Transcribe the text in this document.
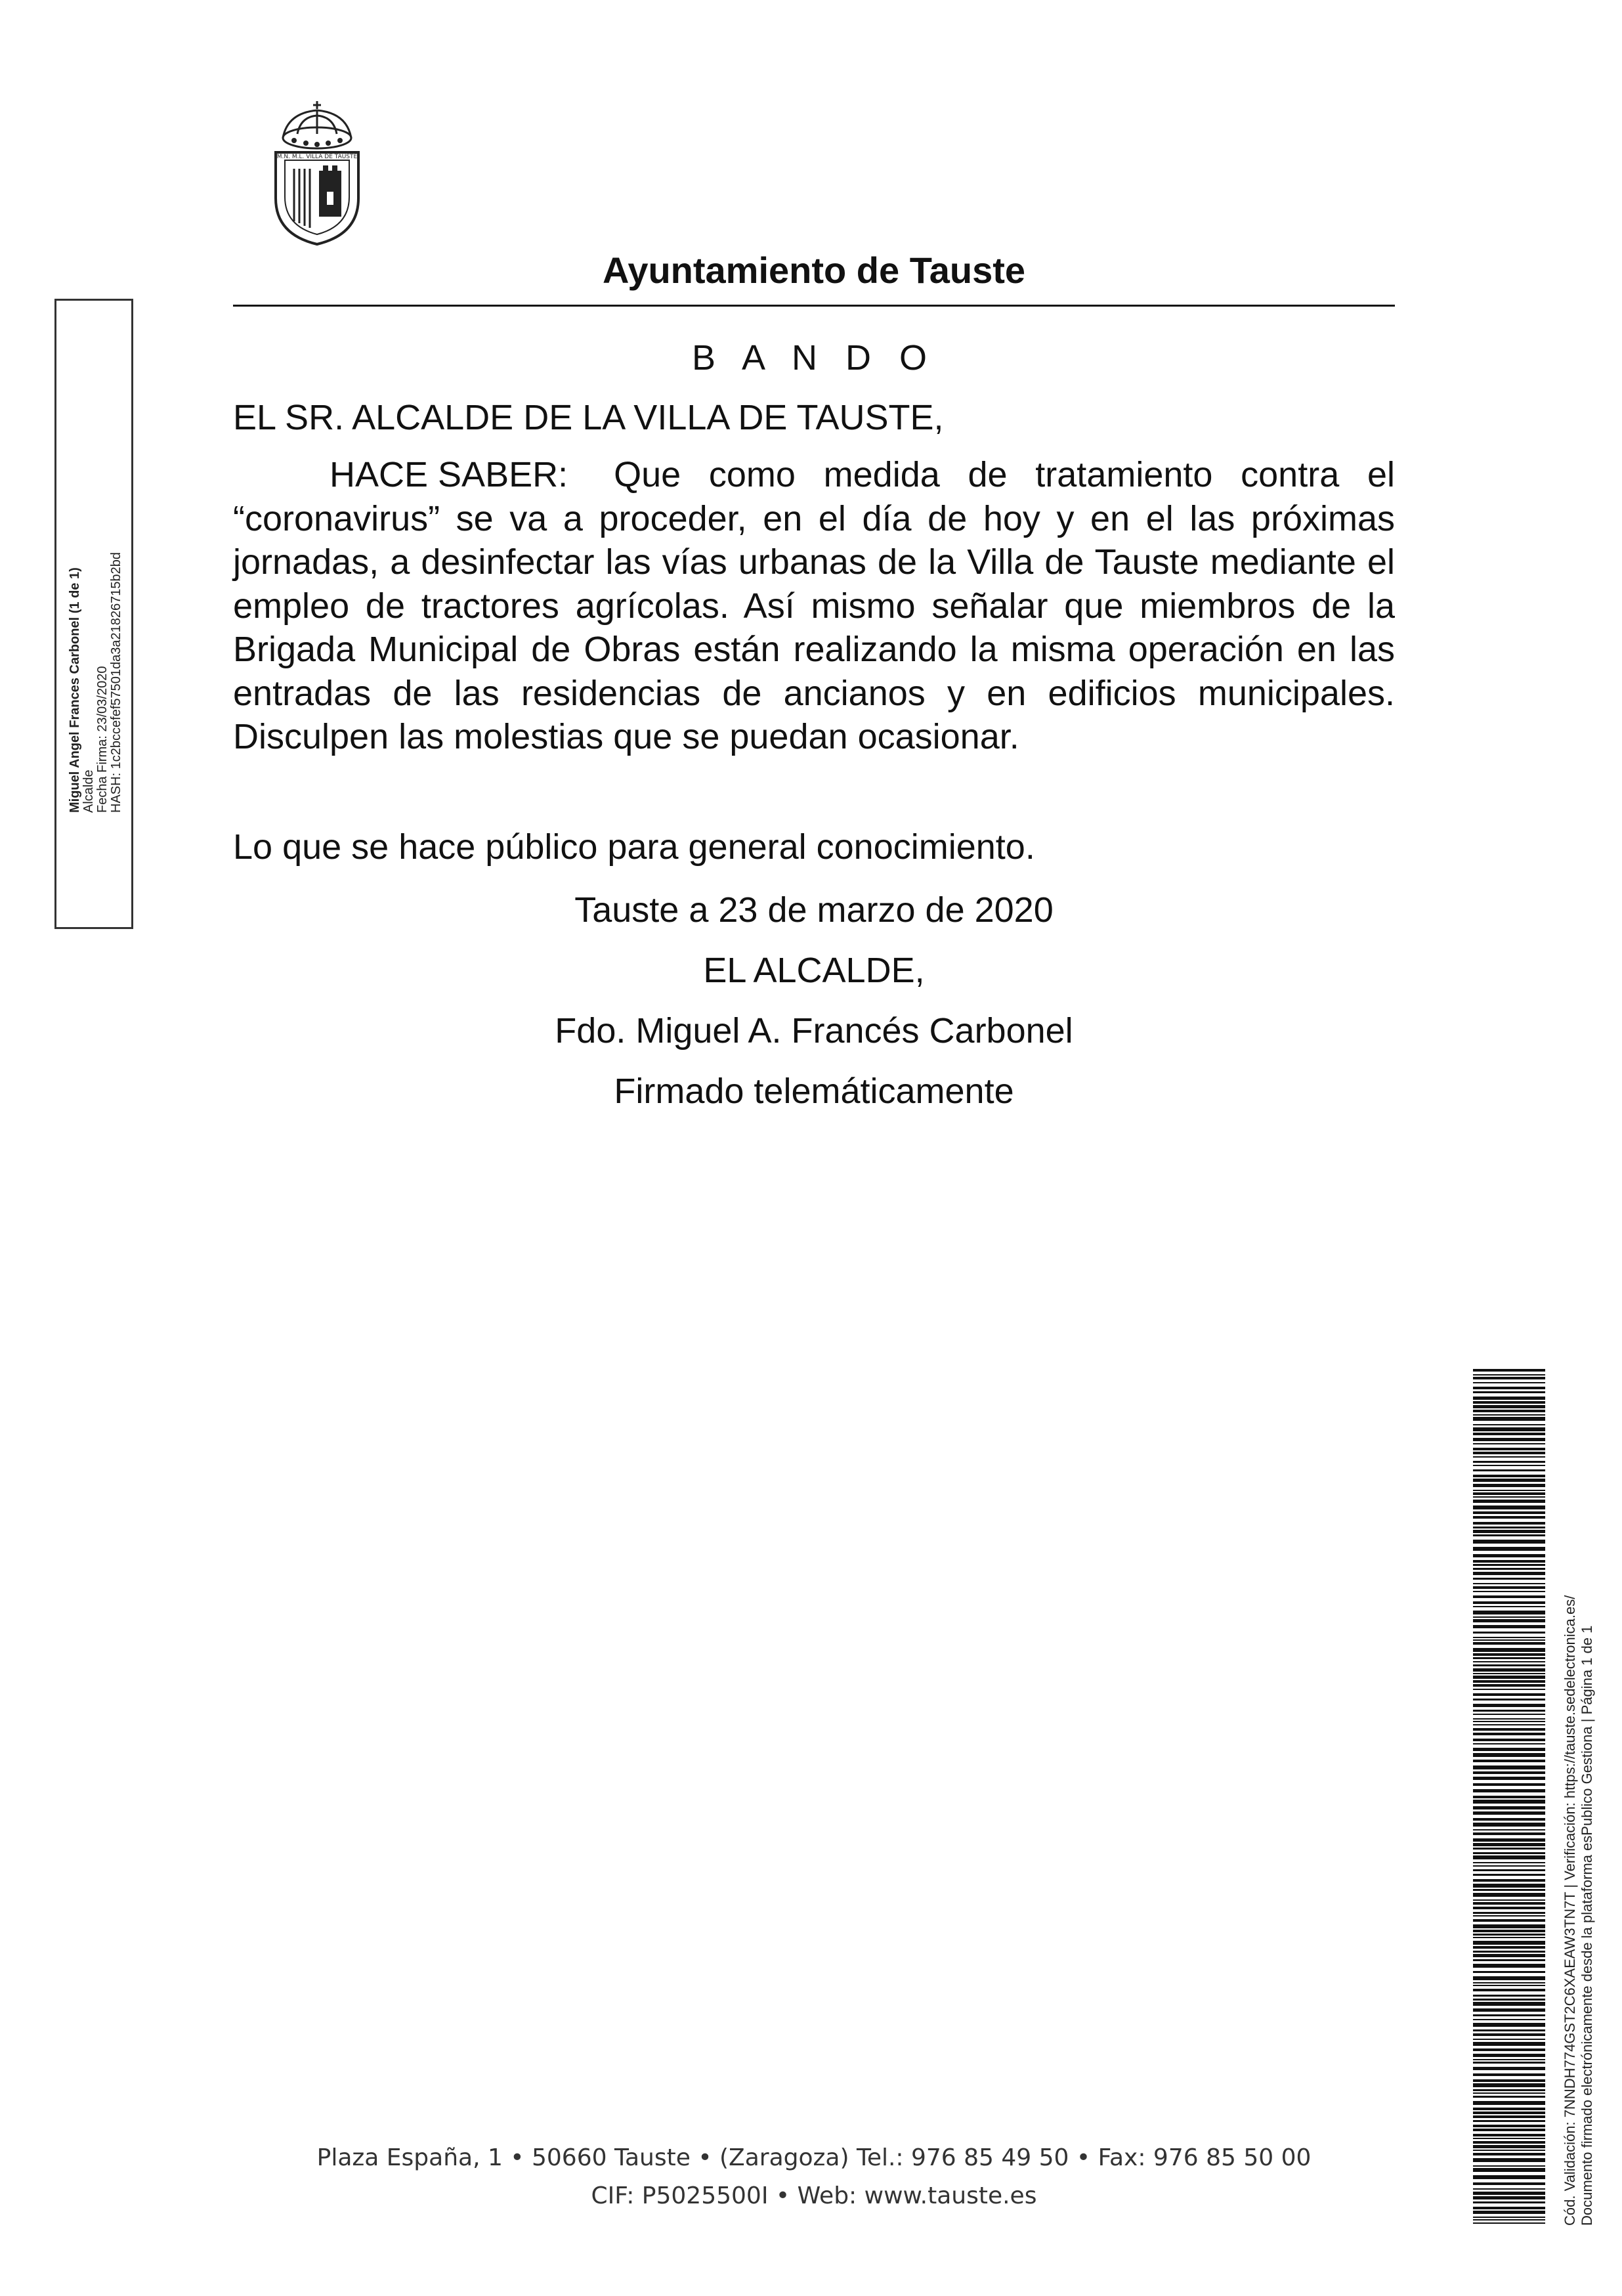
M.N. M.L. VILLA DE TAUSTE
Ayuntamiento de Tauste
B A N D O
EL SR. ALCALDE DE LA VILLA DE TAUSTE,
HACE SABER: Que como medida de tratamiento contra el “coronavirus” se va a proceder, en el día de hoy y en el las próximas jornadas, a desinfectar las vías urbanas de la Villa de Tauste mediante el empleo de tractores agrícolas. Así mismo señalar que miembros de la Brigada Municipal de Obras están realizando la misma operación en las entradas de las residencias de ancianos y en edificios municipales. Disculpen las molestias que se puedan ocasionar.
Lo que se hace público para general conocimiento.
Tauste a 23 de marzo de 2020
EL ALCALDE,
Fdo. Miguel A. Francés Carbonel
Firmado telemáticamente
Miguel Angel Frances Carbonel (1 de 1) Alcalde Fecha Firma: 23/03/2020 HASH: 1c2bccefef57501da3a21826715b2bd
Cód. Validación: 7NNDH774GST2C6XAEAW3TN7T | Verificación: https://tauste.sedelectronica.es/ Documento firmado electrónicamente desde la plataforma esPublico Gestiona | Página 1 de 1
Plaza España, 1 • 50660 Tauste • (Zaragoza) Tel.: 976 85 49 50 • Fax: 976 85 50 00
CIF: P5025500I • Web: www.tauste.es
